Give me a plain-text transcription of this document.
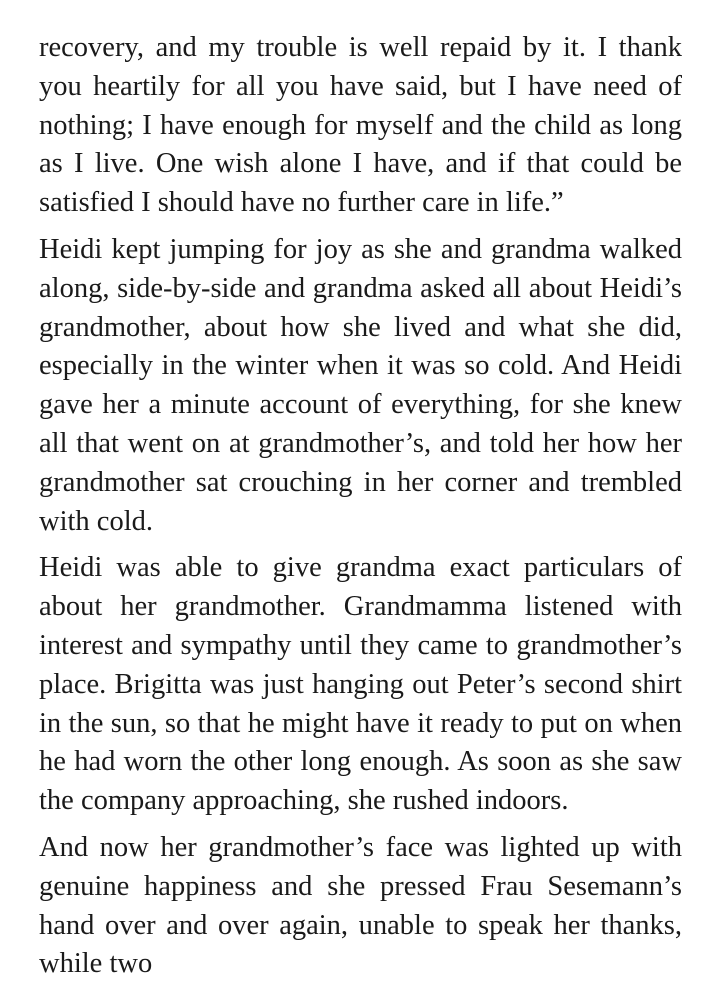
recovery, and my trouble is well repaid by it. I thank you heartily for all you have said, but I have need of nothing; I have enough for myself and the child as long as I live. One wish alone I have, and if that could be satisfied I should have no further care in life.”

Heidi kept jumping for joy as she and grandma walked along, side-by-side and grandma asked all about Heidi’s grandmother, about how she lived and what she did, especially in the winter when it was so cold. And Heidi gave her a minute account of everything, for she knew all that went on at grandmother’s, and told her how her grandmother sat crouching in her corner and trembled with cold.

Heidi was able to give grandma exact particulars of about her grandmother. Grandmamma listened with interest and sympathy until they came to grandmother’s place. Brigitta was just hanging out Peter’s second shirt in the sun, so that he might have it ready to put on when he had worn the other long enough. As soon as she saw the company approaching, she rushed indoors.

And now her grandmother’s face was lighted up with genuine happiness and she pressed Frau Sesemann’s hand over and over again, unable to speak her thanks, while two
